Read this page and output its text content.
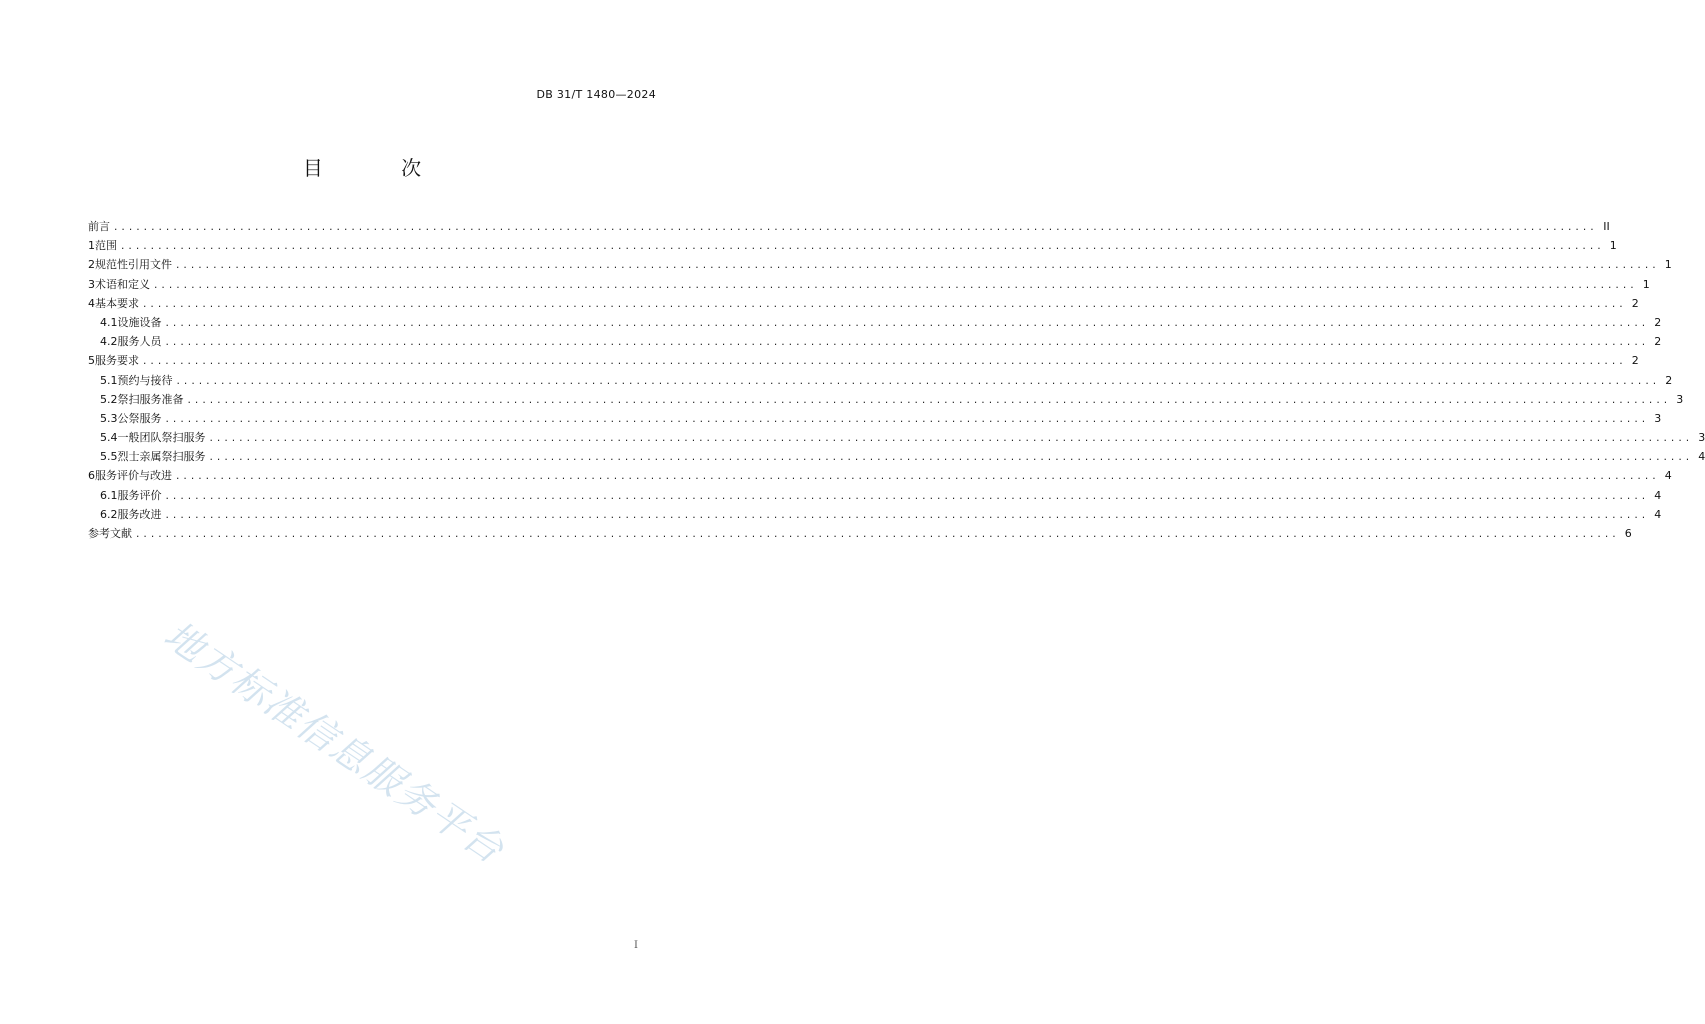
DB 31/T 1480—2024
目 次
前言 ........................................................................................................................................................................................................ II
1 范围 ........................................................................................................................................................................................................ 1
2 规范性引用文件 ........................................................................................................................................................................................................ 1
3 术语和定义 ........................................................................................................................................................................................................ 1
4 基本要求 ........................................................................................................................................................................................................ 2
4.1 设施设备 ........................................................................................................................................................................................................ 2
4.2 服务人员 ........................................................................................................................................................................................................ 2
5 服务要求 ........................................................................................................................................................................................................ 2
5.1 预约与接待 ........................................................................................................................................................................................................ 2
5.2 祭扫服务准备 ........................................................................................................................................................................................................ 3
5.3 公祭服务 ........................................................................................................................................................................................................ 3
5.4 一般团队祭扫服务 ........................................................................................................................................................................................................ 3
5.5 烈士亲属祭扫服务 ........................................................................................................................................................................................................ 4
6 服务评价与改进 ........................................................................................................................................................................................................ 4
6.1 服务评价 ........................................................................................................................................................................................................ 4
6.2 服务改进 ........................................................................................................................................................................................................ 4
参考文献 ........................................................................................................................................................................................................ 6
地方标准信息服务平台
I
